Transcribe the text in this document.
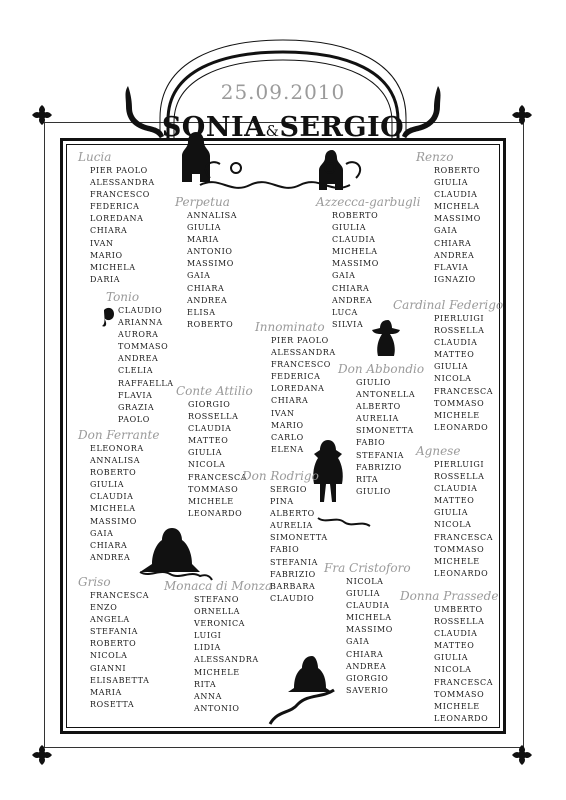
25.09.2010
SONIA&SERGIO
Lucia
PIER PAOLO
ALESSANDRA
FRANCESCO
FEDERICA
LOREDANA
CHIARA
IVAN
MARIO
MICHELA
DARIA
Tonio
CLAUDIO
ARIANNA
AURORA
TOMMASO
ANDREA
CLELIA
RAFFAELLA
FLAVIA
GRAZIA
PAOLO
Don Ferrante
ELEONORA
ANNALISA
ROBERTO
GIULIA
CLAUDIA
MICHELA
MASSIMO
GAIA
CHIARA
ANDREA
Griso
FRANCESCA
ENZO
ANGELA
STEFANIA
ROBERTO
NICOLA
GIANNI
ELISABETTA
MARIA
ROSETTA
Perpetua
ANNALISA
GIULIA
MARIA
ANTONIO
MASSIMO
GAIA
CHIARA
ANDREA
ELISA
ROBERTO
Conte Attilio
GIORGIO
ROSSELLA
CLAUDIA
MATTEO
GIULIA
NICOLA
FRANCESCA
TOMMASO
MICHELE
LEONARDO
Monaca di Monza
STEFANO
ORNELLA
VERONICA
LUIGI
LIDIA
ALESSANDRA
MICHELE
RITA
ANNA
ANTONIO
Innominato
PIER PAOLO
ALESSANDRA
FRANCESCO
FEDERICA
LOREDANA
CHIARA
IVAN
MARIO
CARLO
ELENA
Don Rodrigo
SERGIO
PINA
ALBERTO
AURELIA
SIMONETTA
FABIO
STEFANIA
FABRIZIO
BARBARA
CLAUDIO
Azzecca-garbugli
ROBERTO
GIULIA
CLAUDIA
MICHELA
MASSIMO
GAIA
CHIARA
ANDREA
LUCA
SILVIA
Don Abbondio
GIULIO
ANTONELLA
ALBERTO
AURELIA
SIMONETTA
FABIO
STEFANIA
FABRIZIO
RITA
GIULIO
Fra Cristoforo
NICOLA
GIULIA
CLAUDIA
MICHELA
MASSIMO
GAIA
CHIARA
ANDREA
GIORGIO
SAVERIO
Renzo
ROBERTO
GIULIA
CLAUDIA
MICHELA
MASSIMO
GAIA
CHIARA
ANDREA
FLAVIA
IGNAZIO
Cardinal Federigo
PIERLUIGI
ROSSELLA
CLAUDIA
MATTEO
GIULIA
NICOLA
FRANCESCA
TOMMASO
MICHELE
LEONARDO
Agnese
PIERLUIGI
ROSSELLA
CLAUDIA
MATTEO
GIULIA
NICOLA
FRANCESCA
TOMMASO
MICHELE
LEONARDO
Donna Prassede
UMBERTO
ROSSELLA
CLAUDIA
MATTEO
GIULIA
NICOLA
FRANCESCA
TOMMASO
MICHELE
LEONARDO
